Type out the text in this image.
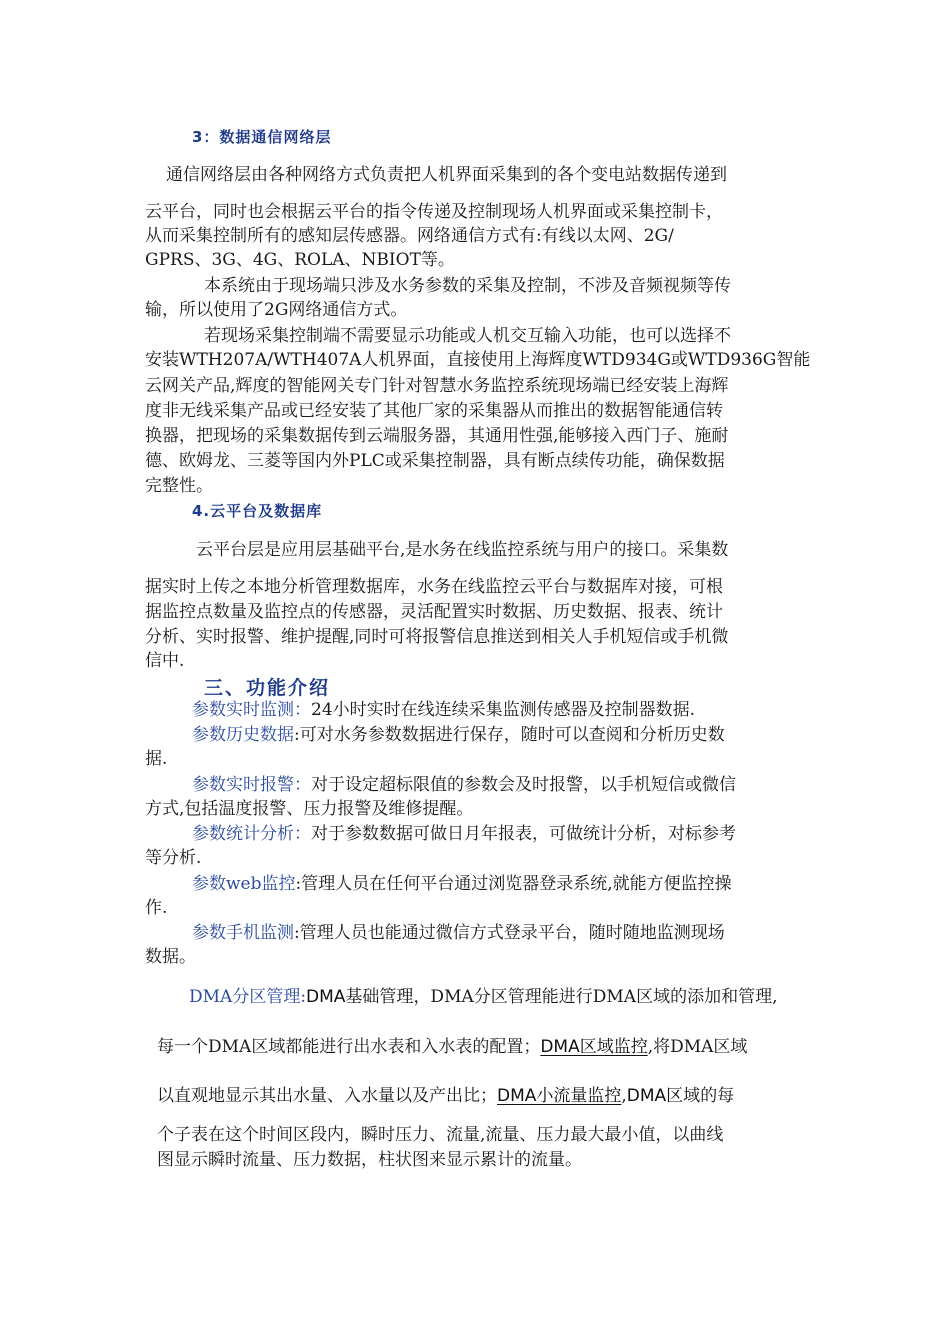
3：数据通信网络层
通信网络层由各种网络方式负责把人机界面采集到的各个变电站数据传递到
云平台，同时也会根据云平台的指令传递及控制现场人机界面或采集控制卡，
从而采集控制所有的感知层传感器。网络通信方式有:有线以太网、2G/
GPRS、3G、4G、ROLA、NBIOT等。
本系统由于现场端只涉及水务参数的采集及控制，不涉及音频视频等传
输，所以使用了2G网络通信方式。
若现场采集控制端不需要显示功能或人机交互输入功能，也可以选择不
安装WTH207A/WTH407A人机界面，直接使用上海辉度WTD934G或WTD936G智能
云网关产品,辉度的智能网关专门针对智慧水务监控系统现场端已经安装上海辉
度非无线采集产品或已经安装了其他厂家的采集器从而推出的数据智能通信转
换器，把现场的采集数据传到云端服务器，其通用性强,能够接入西门子、施耐
德、欧姆龙、三菱等国内外PLC或采集控制器，具有断点续传功能，确保数据
完整性。
4.云平台及数据库
云平台层是应用层基础平台,是水务在线监控系统与用户的接口。采集数
据实时上传之本地分析管理数据库，水务在线监控云平台与数据库对接，可根
据监控点数量及监控点的传感器，灵活配置实时数据、历史数据、报表、统计
分析、实时报警、维护提醒,同时可将报警信息推送到相关人手机短信或手机微
信中.
三、功能介绍
参数实时监测：24小时实时在线连续采集监测传感器及控制器数据.
参数历史数据:可对水务参数数据进行保存，随时可以查阅和分析历史数
据.
参数实时报警：对于设定超标限值的参数会及时报警，以手机短信或微信
方式,包括温度报警、压力报警及维修提醒。
参数统计分析：对于参数数据可做日月年报表，可做统计分析，对标参考
等分析.
参数web监控:管理人员在任何平台通过浏览器登录系统,就能方便监控操
作.
参数手机监测:管理人员也能通过微信方式登录平台，随时随地监测现场
数据。
DMA分区管理:DMA基础管理，DMA分区管理能进行DMA区域的添加和管理,
每一个DMA区域都能进行出水表和入水表的配置；DMA区域监控,将DMA区域
以直观地显示其出水量、入水量以及产出比；DMA小流量监控,DMA区域的每
个子表在这个时间区段内，瞬时压力、流量,流量、压力最大最小值，以曲线
图显示瞬时流量、压力数据，柱状图来显示累计的流量。
